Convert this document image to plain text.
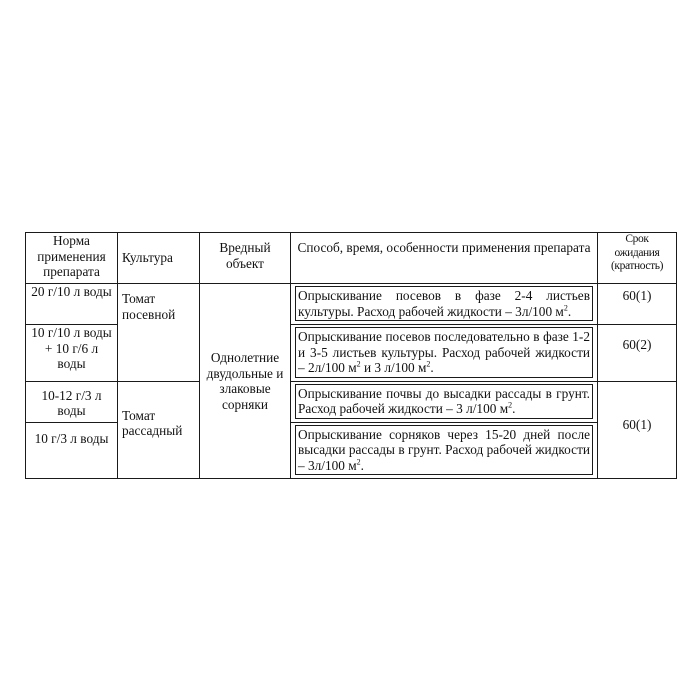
Норма применения препарата	Культура	Вредный объект	Способ, время, особенности применения препарата	Срок ожидания (кратность)
20 г/10 л воды	Томат посевной	Однолетние двудольные и злаковые сорняки	Опрыскивание посевов в фазе 2-4 листьев культуры. Расход рабочей жидкости – 3л/100 $м^2$.	60(1)
10 г/10 л воды + 10 г/6 л воды			Опрыскивание посевов последовательно в фазе 1-2 и 3-5 листьев культуры. Расход рабочей жидкости – 2л/100 $м^2$ и 3 л/100 $м^2$.	60(2)
10-12 г/3 л воды	Томат рассадный		Опрыскивание почвы до высадки рассады в грунт. Расход рабочей жидкости – 3 л/100 $м^2$.	60(1)
10 г/3 л воды			Опрыскивание сорняков через 15-20 дней после высадки рассады в грунт. Расход рабочей жидкости – 3л/100 $м^2$.	
